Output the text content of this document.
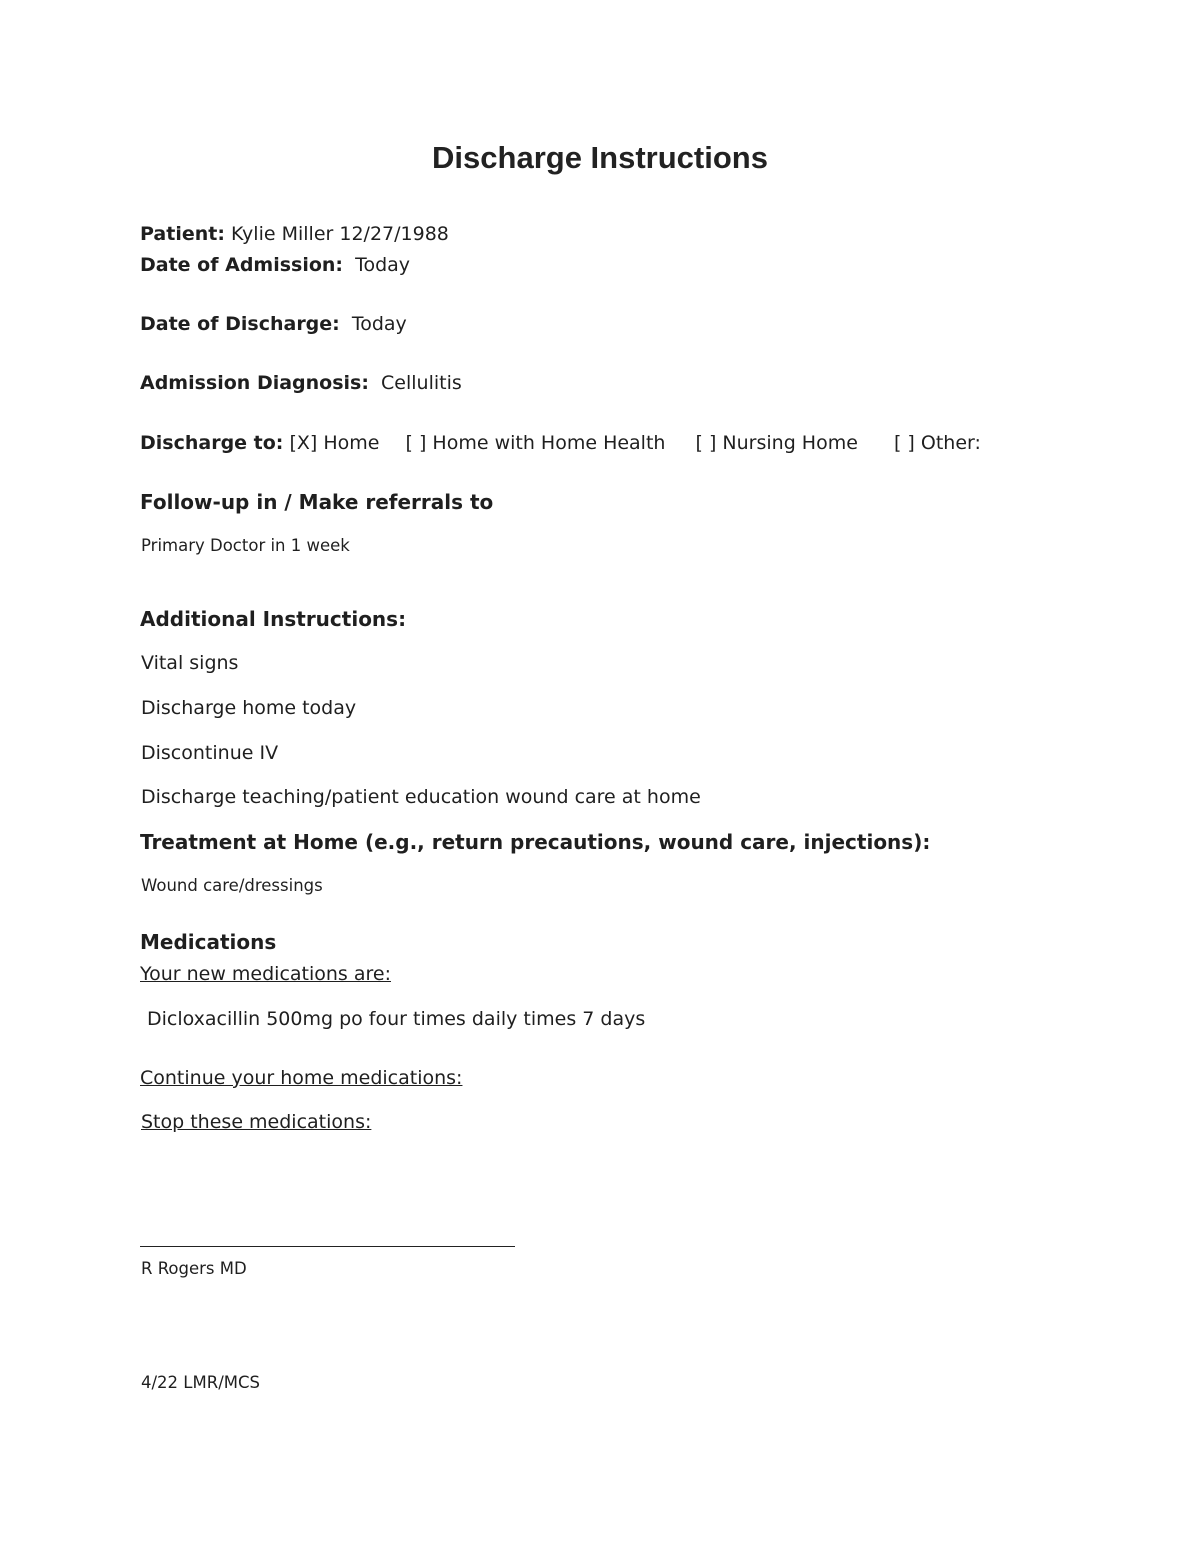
Discharge Instructions
Patient: Kylie Miller 12/27/1988
Date of Admission: Today
Date of Discharge: Today
Admission Diagnosis: Cellulitis
Discharge to: [X] Home [ ] Home with Home Health [ ] Nursing Home [ ] Other:
Follow-up in / Make referrals to
Primary Doctor in 1 week
Additional Instructions:
Vital signs
Discharge home today
Discontinue IV
Discharge teaching/patient education wound care at home
Treatment at Home (e.g., return precautions, wound care, injections):
Wound care/dressings
Medications
Your new medications are:
Dicloxacillin 500mg po four times daily times 7 days
Continue your home medications:
Stop these medications:
R Rogers MD
4/22 LMR/MCS
